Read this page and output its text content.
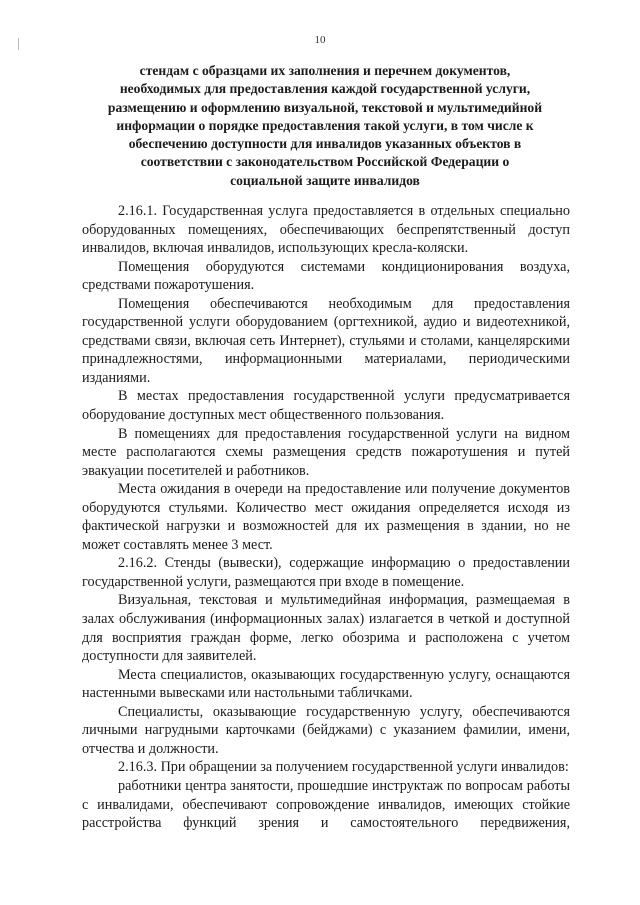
10
стендам с образцами их заполнения и перечнем документов,
необходимых для предоставления каждой государственной услуги,
размещению и оформлению визуальной, текстовой и мультимедийной
информации о порядке предоставления такой услуги, в том числе к
обеспечению доступности для инвалидов указанных объектов в
соответствии с законодательством Российской Федерации о
социальной защите инвалидов

2.16.1. Государственная услуга предоставляется в отдельных специально оборудованных помещениях, обеспечивающих беспрепятственный доступ инвалидов, включая инвалидов, использующих кресла-коляски.

Помещения оборудуются системами кондиционирования воздуха, средствами пожаротушения.

Помещения обеспечиваются необходимым для предоставления государственной услуги оборудованием (оргтехникой, аудио и видеотехникой, средствами связи, включая сеть Интернет), стульями и столами, канцелярскими принадлежностями, информационными материалами, периодическими изданиями.

В местах предоставления государственной услуги предусматривается оборудование доступных мест общественного пользования.

В помещениях для предоставления государственной услуги на видном месте располагаются схемы размещения средств пожаротушения и путей эвакуации посетителей и работников.

Места ожидания в очереди на предоставление или получение документов оборудуются стульями. Количество мест ожидания определяется исходя из фактической нагрузки и возможностей для их размещения в здании, но не может составлять менее 3 мест.

2.16.2. Стенды (вывески), содержащие информацию о предоставлении государственной услуги, размещаются при входе в помещение.

Визуальная, текстовая и мультимедийная информация, размещаемая в залах обслуживания (информационных залах) излагается в четкой и доступной для восприятия граждан форме, легко обозрима и расположена с учетом доступности для заявителей.

Места специалистов, оказывающих государственную услугу, оснащаются настенными вывесками или настольными табличками.

Специалисты, оказывающие государственную услугу, обеспечиваются личными нагрудными карточками (бейджами) с указанием фамилии, имени, отчества и должности.

2.16.3. При обращении за получением государственной услуги инвалидов:

работники центра занятости, прошедшие инструктаж по вопросам работы с инвалидами, обеспечивают сопровождение инвалидов, имеющих стойкие расстройства функций зрения и самостоятельного передвижения,
